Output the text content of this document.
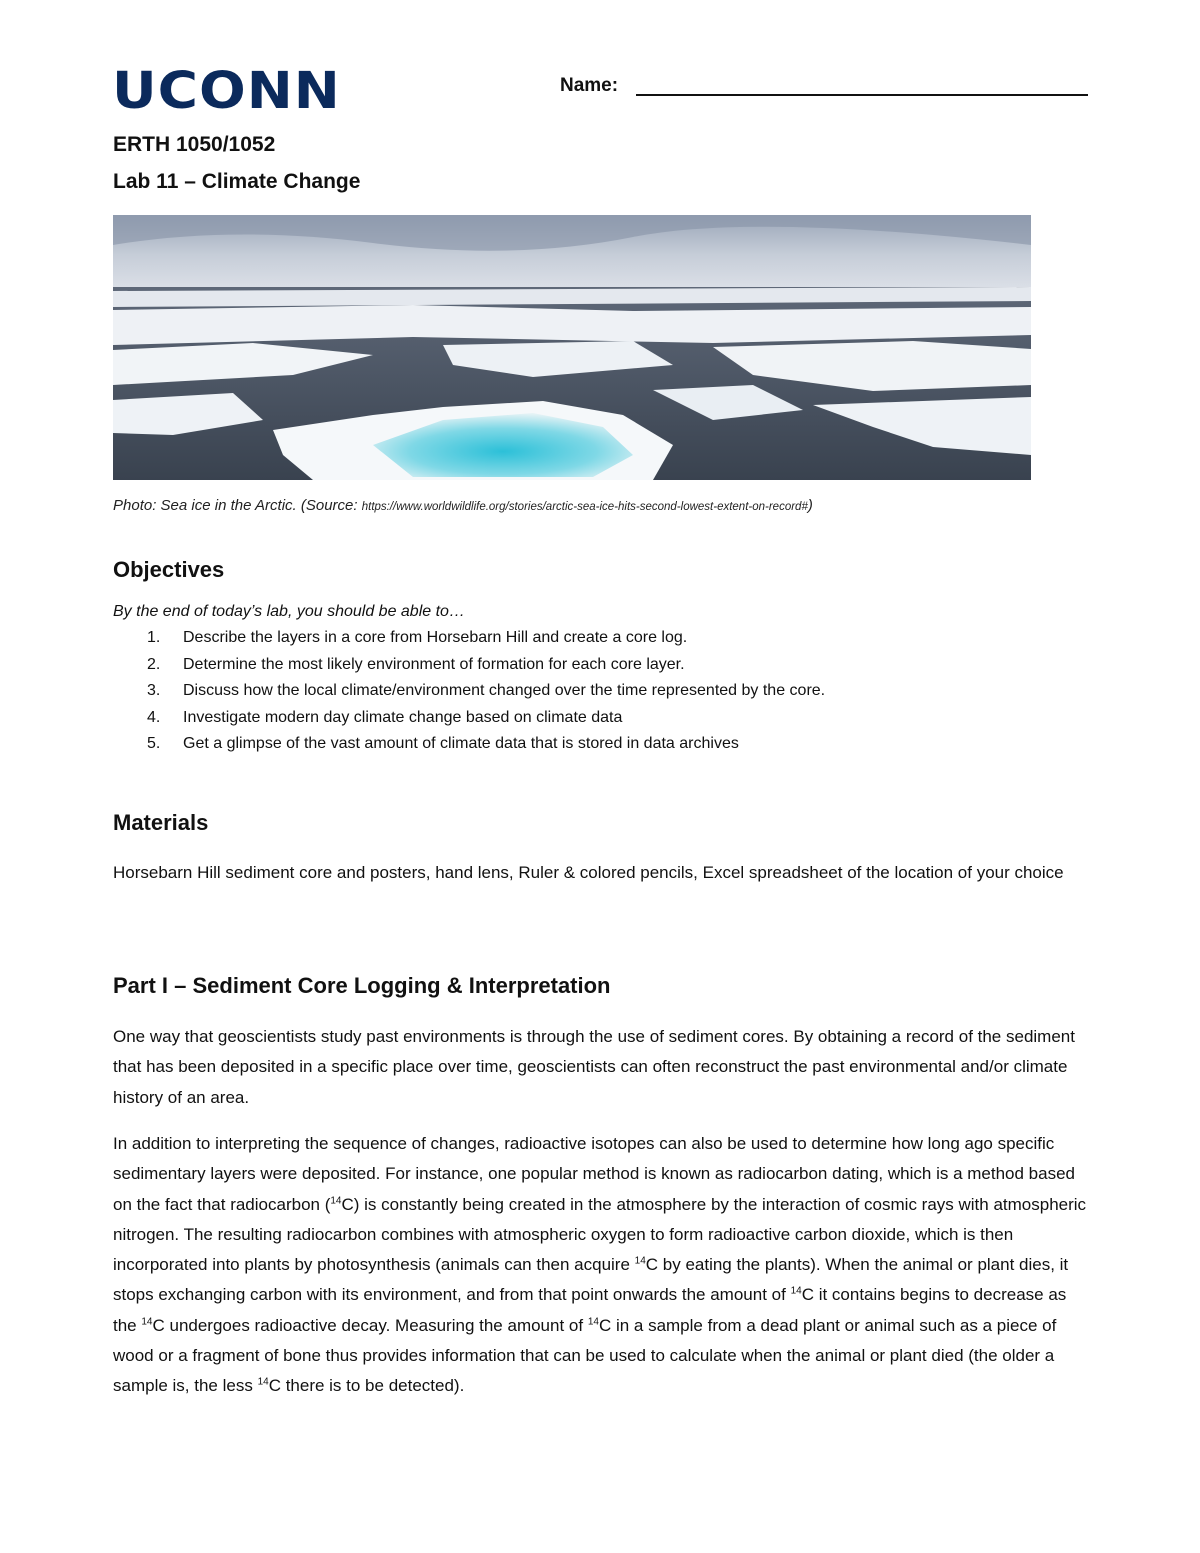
UCONN	Name:
ERTH 1050/1052
Lab 11 – Climate Change
Photo: Sea ice in the Arctic. (Source: https://www.worldwildlife.org/stories/arctic-sea-ice-hits-second-lowest-extent-on-record#)
Objectives
By the end of today’s lab, you should be able to…
1. Describe the layers in a core from Horsebarn Hill and create a core log.
2. Determine the most likely environment of formation for each core layer.
3. Discuss how the local climate/environment changed over the time represented by the core.
4. Investigate modern day climate change based on climate data
5. Get a glimpse of the vast amount of climate data that is stored in data archives
Materials

Horsebarn Hill sediment core and posters, hand lens, Ruler & colored pencils, Excel spreadsheet of the location of your choice

Part I – Sediment Core Logging & Interpretation

One way that geoscientists study past environments is through the use of sediment cores. By obtaining a record of the sediment that has been deposited in a specific place over time, geoscientists can often reconstruct the past environmental and/or climate history of an area.

In addition to interpreting the sequence of changes, radioactive isotopes can also be used to determine how long ago specific sedimentary layers were deposited. For instance, one popular method is known as radiocarbon dating, which is a method based on the fact that radiocarbon ($^{14}$C) is constantly being created in the atmosphere by the interaction of cosmic rays with atmospheric nitrogen. The resulting radiocarbon combines with atmospheric oxygen to form radioactive carbon dioxide, which is then incorporated into plants by photosynthesis (animals can then acquire $^{14}$C by eating the plants). When the animal or plant dies, it stops exchanging carbon with its environment, and from that point onwards the amount of $^{14}$C it contains begins to decrease as the $^{14}$C undergoes radioactive decay. Measuring the amount of $^{14}$C in a sample from a dead plant or animal such as a piece of wood or a fragment of bone thus provides information that can be used to calculate when the animal or plant died (the older a sample is, the less $^{14}$C there is to be detected).
